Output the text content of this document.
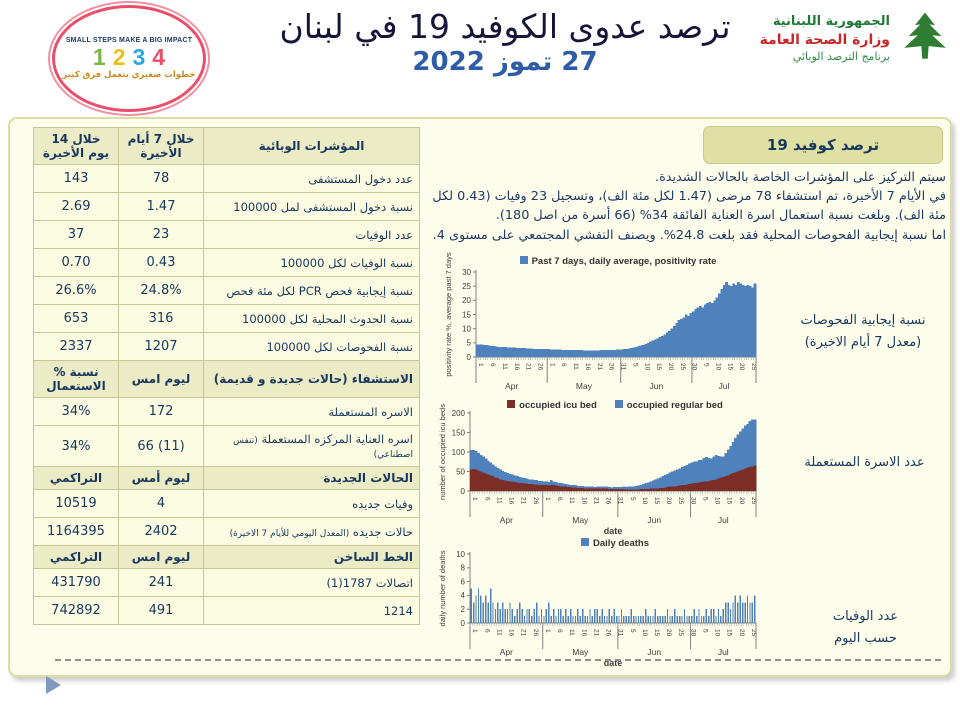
SMALL STEPS MAKE A BIG IMPACT
1 2 3 4
خطوات صغيري بتعمل فرق كبير
ترصد عدوى الكوفيد 19 في لبنان
27 تموز 2022
الجمهورية اللبنانية
وزارة الصحة العامة
برنامج الترصد الوبائي
المؤشرات الوبائية	خلال 7 أيام الأخيرة	خلال 14 يوم الأخيرة
عدد دخول المستشفى	78	143
نسبة دخول المستشفى لمل 100000	1.47	2.69
عدد الوفيات	23	37
نسبة الوفيات لكل 100000	0.43	0.70
نسبة إيجابية فحص PCR لكل مئة فحص	24.8%	26.6%
نسبة الحدوث المحلية لكل 100000	316	653
نسبة الفحوصات لكل 100000	1207	2337
الاستشفاء (حالات جديدة و قديمة)	ليوم امس	نسبة % الاستعمال
الاسره المستعملة	172	34%
اسره العناية المركزه المستعملة (تنفس اصطناعي)	66 (11)	34%
الحالات الجديدة	ليوم أمس	التراكمي
وفيات جديده	4	10519
حالات جديده (المعدل اليومي للأيام 7 الاخيرة)	2402	1164395
الخط الساخن	ليوم امس	التراكمي
اتصالات 1787(1)	241	431790
1214	491	742892
ترصد كوفيد 19
سيتم التركيز على المؤشرات الخاصة بالحالات الشديدة.
في الأيام 7 الأخيرة، تم استشفاء 78 مرضى (1.47 لكل مئة الف)، وتسجيل 23 وفيات (0.43 لكل مئة الف). وبلغت نسبة استعمال اسرة العناية الفائقة 34% (66 أسرة من اصل 180).
اما نسبة إيجابية الفحوصات المحلية فقد بلغت 24.8%. ويصنف التفشي المجتمعي على مستوى 4.
Past 7 days, daily average, positivity rate
0
5
10
15
20
25
30
1 6 11 16 21 26
Apr
1 6 11 16 21 26 31
May
5 10 15 20 25 30
Jun
5 10 15 20 25
Jul
positivity rate %, average past 7 days
occupied icu bed	occupied regular bed
0
50
100
150
200
1 6 11 16 21 26
Apr
1 6 11 16 21 26 31
May
5 10 15 20 25 30
Jun
5 10 15 20 25
Jul
date
number of occupied icu beds
Daily deaths
0
2
4
6
8
10
1 6 11 16 21 26
Apr
1 6 11 16 21 26 31
May
5 10 15 20 25 30
Jun
5 10 15 20 25
Jul
date
daily number of deaths
نسبة إيجابية الفحوصات
(معدل 7 أيام الاخيرة)
عدد الاسرة المستعملة
عدد الوفيات
حسب اليوم
